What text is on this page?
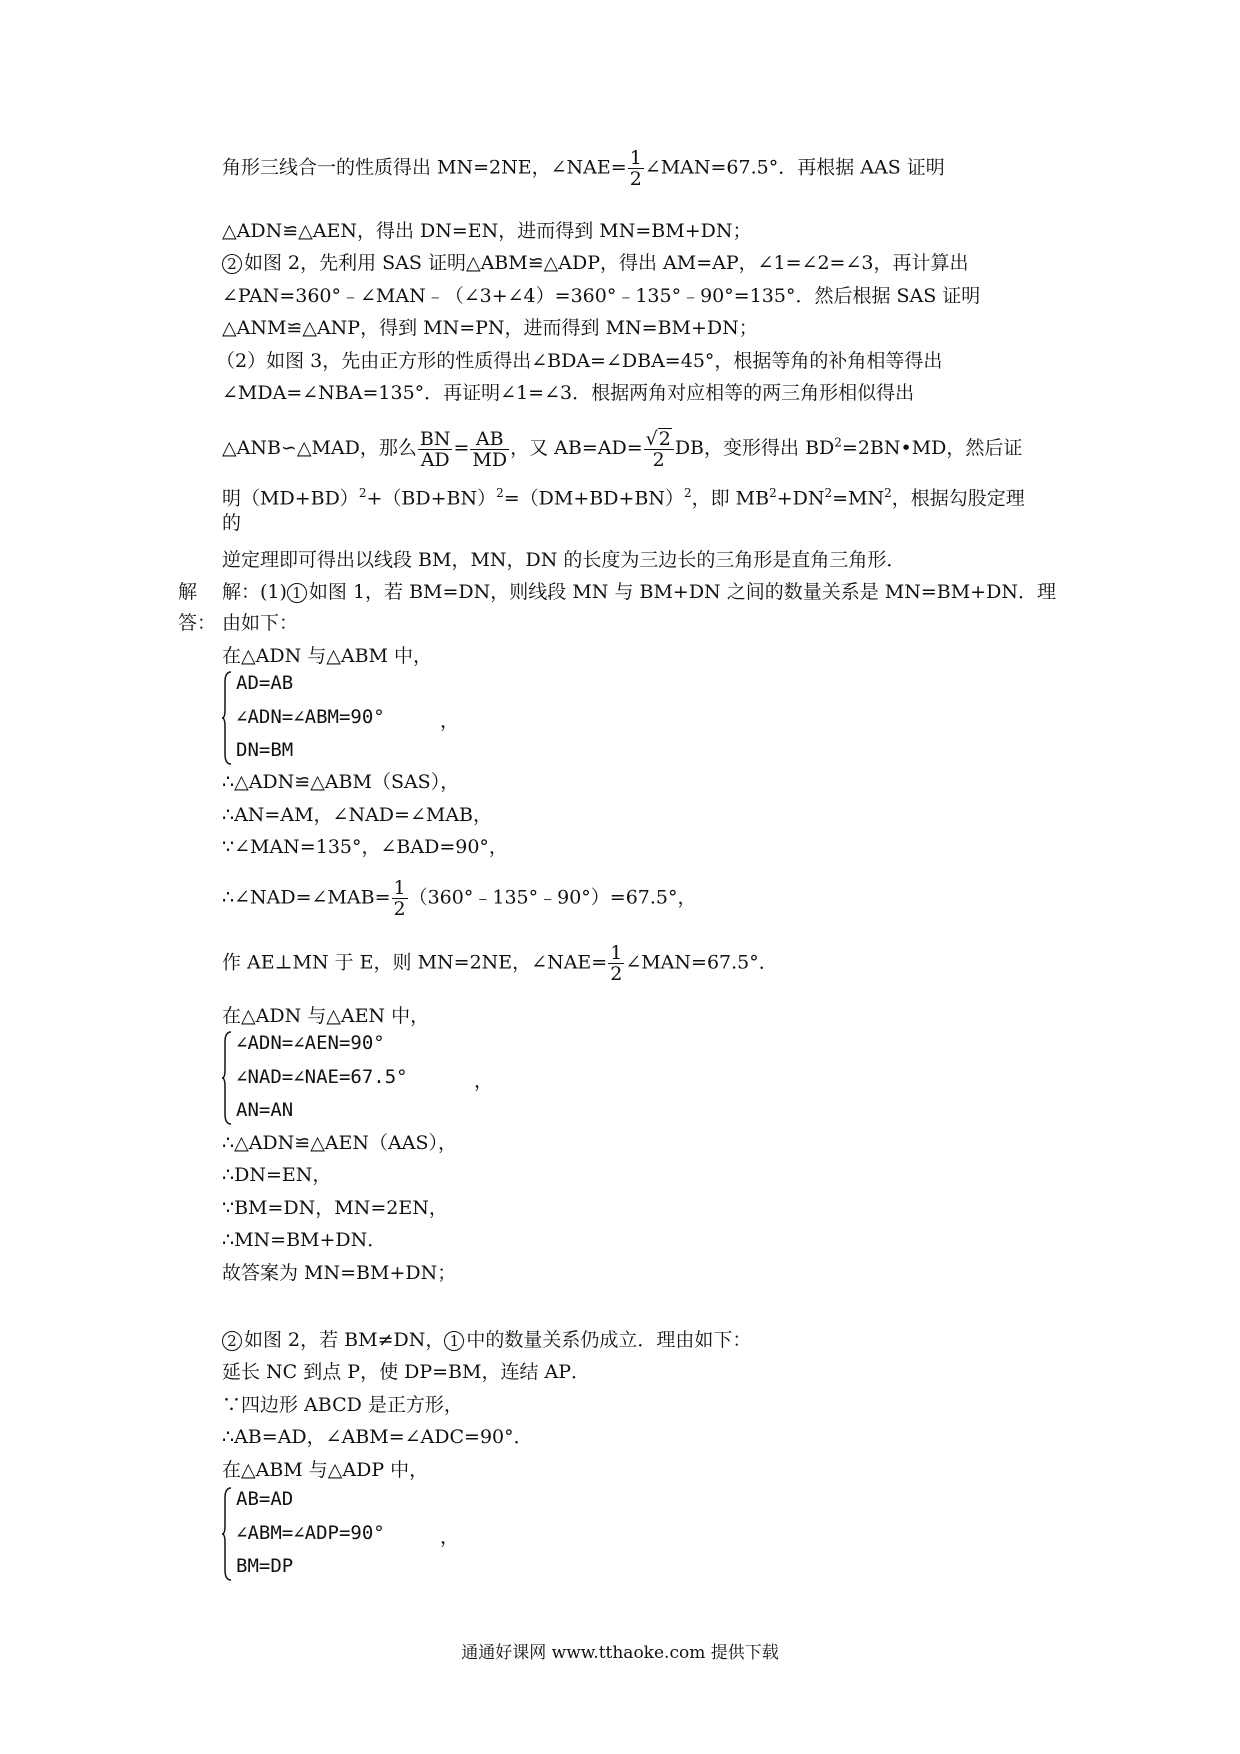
角形三线合一的性质得出 MN=2NE，∠NAE= $\frac{1}{2}$ ∠MAN=67.5°．再根据 AAS 证明
△ADN≌△AEN，得出 DN=EN，进而得到 MN=BM+DN；
2 如图 2，先利用 SAS 证明△ABM≌△ADP，得出 AM=AP，∠1=∠2=∠3，再计算出
∠PAN=360°﹣∠MAN﹣（∠3+∠4）=360°﹣135°﹣90°=135°．然后根据 SAS 证明
△ANM≌△ANP，得到 MN=PN，进而得到 MN=BM+DN；
（2）如图 3，先由正方形的性质得出∠BDA=∠DBA=45°，根据等角的补角相等得出
∠MDA=∠NBA=135°．再证明∠1=∠3．根据两角对应相等的两三角形相似得出
△ANB∽△MAD，那么 $\frac{BN}{AD} = \frac{AB}{MD}$ ，又 $AB=AD= \frac{√2}{2}$ DB，变形得出 $BD^2=2BN•MD$，然后证
明$(MD+BD)^2+(BD+BN)^2=(DM+BD+BN)^2$，即 $MB^2+DN^2=MN^2$，根据勾股定理
的
逆定理即可得出以线段 BM，MN，DN 的长度为三边长的三角形是直角三角形．
解
答：
解：(1) 1 如图 1，若 BM=DN，则线段 MN 与 BM+DN 之间的数量关系是 MN=BM+DN．理
由如下：
在△ADN 与△ABM 中，
AD=AB
∠ADN=∠ABM=90°
DN=BM
，
∴△ADN≌△ABM（SAS），
∴AN=AM，∠NAD=∠MAB，
∵∠MAN=135°，∠BAD=90°，
∴∠NAD=∠MAB= $\frac{1}{2}$ （360°﹣135°﹣90°）=67.5°，
作 AE⊥MN 于 E，则 MN=2NE，∠NAE= $\frac{1}{2}$ ∠MAN=67.5°．
在△ADN 与△AEN 中，
∠ADN=∠AEN=90°
∠NAD=∠NAE=67.5°
AN=AN
，
∴△ADN≌△AEN（AAS），
∴DN=EN，
∵BM=DN，MN=2EN，
∴MN=BM+DN．
故答案为 MN=BM+DN；
2 如图 2，若 BM≠DN， 1 中的数量关系仍成立．理由如下：
延长 NC 到点 P，使 DP=BM，连结 AP．
∵四边形 ABCD 是正方形，
∴AB=AD，∠ABM=∠ADC=90°．
在△ABM 与△ADP 中，
AB=AD
∠ABM=∠ADP=90°
BM=DP
，
通通好课网 www.tthaoke.com 提供下载
